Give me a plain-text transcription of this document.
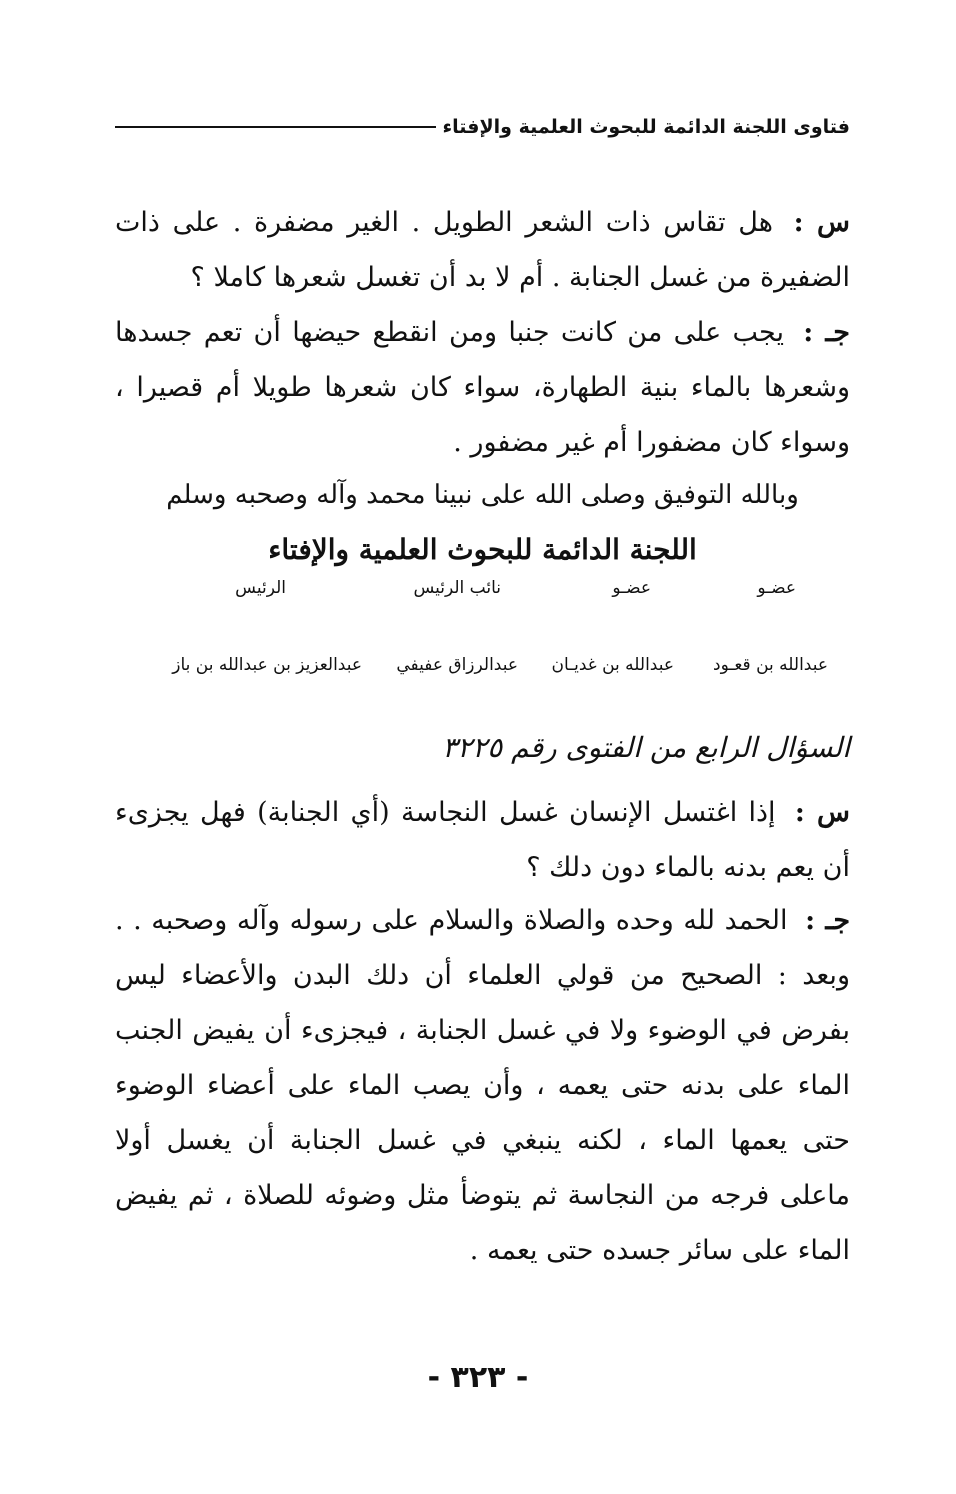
فتاوى اللجنة الدائمة للبحوث العلمية والإفتاء
س : هل تقاس ذات الشعر الطويل . الغير مضفرة . على ذات الضفيرة من غسل الجنابة . أم لا بد أن تغسل شعرها كاملا ؟
جـ : يجب على من كانت جنبا ومن انقطع حيضها أن تعم جسدها وشعرها بالماء بنية الطهارة، سواء كان شعرها طويلا أم قصيرا ، وسواء كان مضفورا أم غير مضفور .
وبالله التوفيق وصلى الله على نبينا محمد وآله وصحبه وسلم
اللجنة الدائمة للبحوث العلمية والإفتاء
عضـو
عضـو
نائب الرئيس
الرئيس
عبدالله بن قعـود
عبدالله بن غديـان
عبدالرزاق عفيفي
عبدالعزيز بن عبدالله بن باز
السؤال الرابع من الفتوى رقم ٣٢٢٥
س : إذا اغتسل الإنسان غسل النجاسة (أي الجنابة) فهل يجزىء أن يعم بدنه بالماء دون دلك ؟
جـ : الحمد لله وحده والصلاة والسلام على رسوله وآله وصحبه . . وبعد : الصحيح من قولي العلماء أن دلك البدن والأعضاء ليس بفرض في الوضوء ولا في غسل الجنابة ، فيجزىء أن يفيض الجنب الماء على بدنه حتى يعمه ، وأن يصب الماء على أعضاء الوضوء حتى يعمها الماء ، لكنه ينبغي في غسل الجنابة أن يغسل أولا ماعلى فرجه من النجاسة ثم يتوضأ مثل وضوئه للصلاة ، ثم يفيض الماء على سائر جسده حتى يعمه .
- ٣٢٣ -
